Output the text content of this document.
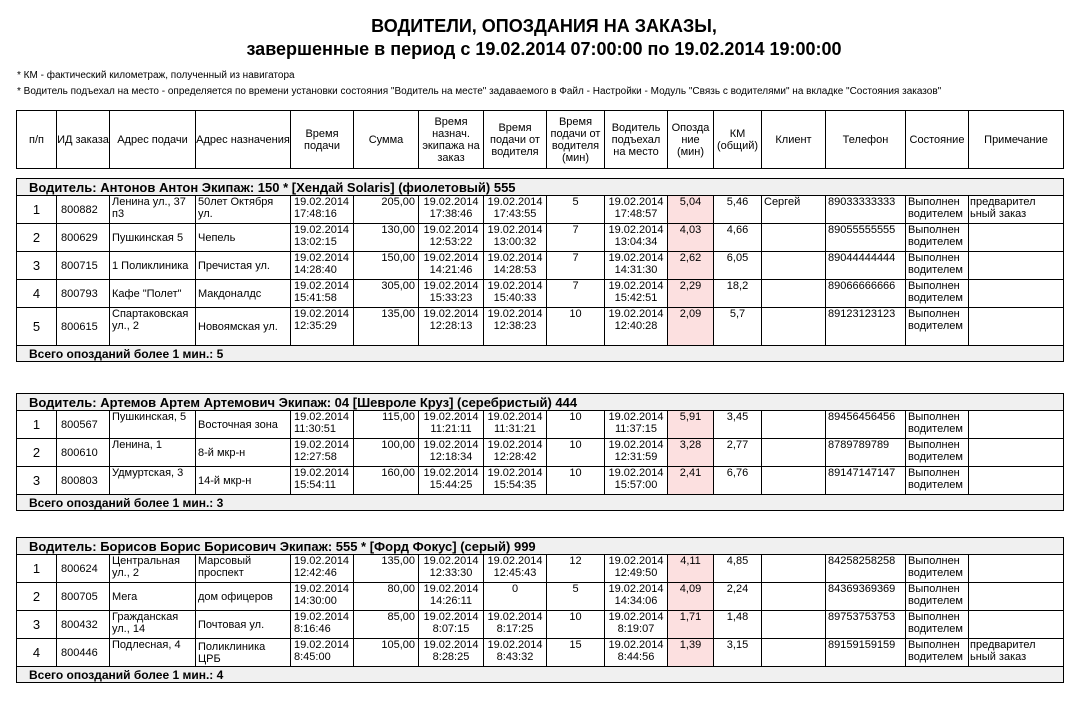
ВОДИТЕЛИ, ОПОЗДАНИЯ НА ЗАКАЗЫ,
завершенные в период с 19.02.2014 07:00:00 по 19.02.2014 19:00:00
* КМ - фактический километраж, полученный из навигатора
* Водитель подъехал на место - определяется по времени установки состояния "Водитель на месте" задаваемого в Файл - Настройки - Модуль "Связь с водителями" на вкладке "Состояния заказов"
п/п	ИД заказа	Адрес подачи	Адрес назначения	Время подачи	Сумма	Время назнач. экипажа на заказ	Время подачи от водителя	Время подачи от водителя (мин)	Водитель подъехал на место	Опозда ние (мин)	КМ (общий)	Клиент	Телефон	Состояние	Примечание
Водитель: Антонов Антон Экипаж: 150 * [Хендай Solaris] (фиолетовый) 555															
1	800882	Ленина ул., 37 п3	50лет Октября ул.	19.02.2014 17:48:16	205,00	19.02.2014 17:38:46	19.02.2014 17:43:55	5	19.02.2014 17:48:57	5,04	5,46	Сергей	89033333333	Выполнен водителем	предварител ьный заказ
2	800629	Пушкинская 5	Чепель	19.02.2014 13:02:15	130,00	19.02.2014 12:53:22	19.02.2014 13:00:32	7	19.02.2014 13:04:34	4,03	4,66		89055555555	Выполнен водителем	
3	800715	1 Поликлиника	Пречистая ул.	19.02.2014 14:28:40	150,00	19.02.2014 14:21:46	19.02.2014 14:28:53	7	19.02.2014 14:31:30	2,62	6,05		89044444444	Выполнен водителем	
4	800793	Кафе "Полет"	Макдоналдс	19.02.2014 15:41:58	305,00	19.02.2014 15:33:23	19.02.2014 15:40:33	7	19.02.2014 15:42:51	2,29	18,2		89066666666	Выполнен водителем	
5	800615	Спартаковская ул., 2	Новоямская ул.	19.02.2014 12:35:29	135,00	19.02.2014 12:28:13	19.02.2014 12:38:23	10	19.02.2014 12:40:28	2,09	5,7		89123123123	Выполнен водителем	
Всего опозданий более 1 мин.: 5															
Водитель: Артемов Артем Артемович Экипаж: 04 [Шевроле Круз] (серебристый) 444															
1	800567	Пушкинская, 5	Восточная зона	19.02.2014 11:30:51	115,00	19.02.2014 11:21:11	19.02.2014 11:31:21	10	19.02.2014 11:37:15	5,91	3,45		89456456456	Выполнен водителем	
2	800610	Ленина, 1	8-й мкр-н	19.02.2014 12:27:58	100,00	19.02.2014 12:18:34	19.02.2014 12:28:42	10	19.02.2014 12:31:59	3,28	2,77		8789789789	Выполнен водителем	
3	800803	Удмуртская, 3	14-й мкр-н	19.02.2014 15:54:11	160,00	19.02.2014 15:44:25	19.02.2014 15:54:35	10	19.02.2014 15:57:00	2,41	6,76		89147147147	Выполнен водителем	
Всего опозданий более 1 мин.: 3															
Водитель: Борисов Борис Борисович Экипаж: 555 * [Форд Фокус] (серый) 999															
1	800624	Центральная ул., 2	Марсовый проспект	19.02.2014 12:42:46	135,00	19.02.2014 12:33:30	19.02.2014 12:45:43	12	19.02.2014 12:49:50	4,11	4,85		84258258258	Выполнен водителем	
2	800705	Мега	дом офицеров	19.02.2014 14:30:00	80,00	19.02.2014 14:26:11	0	5	19.02.2014 14:34:06	4,09	2,24		84369369369	Выполнен водителем	
3	800432	Гражданская ул., 14	Почтовая ул.	19.02.2014 8:16:46	85,00	19.02.2014 8:07:15	19.02.2014 8:17:25	10	19.02.2014 8:19:07	1,71	1,48		89753753753	Выполнен водителем	
4	800446	Подлесная, 4	Поликлиника ЦРБ	19.02.2014 8:45:00	105,00	19.02.2014 8:28:25	19.02.2014 8:43:32	15	19.02.2014 8:44:56	1,39	3,15		89159159159	Выполнен водителем	предварител ьный заказ
Всего опозданий более 1 мин.: 4															
